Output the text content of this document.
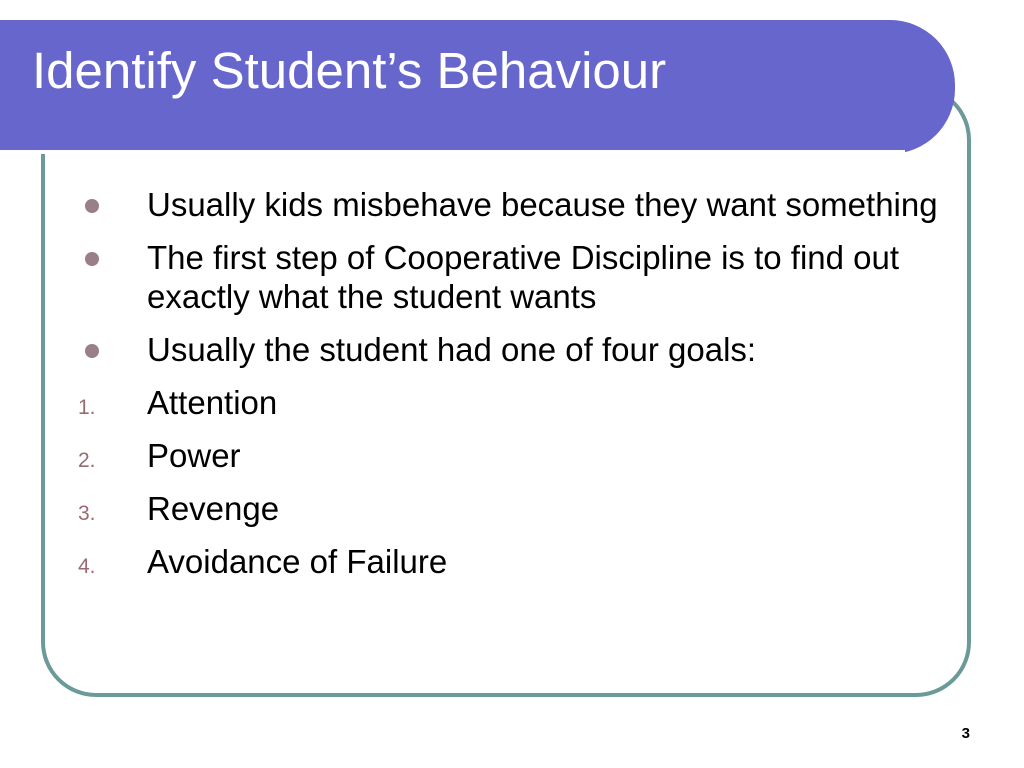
Identify Student’s Behaviour
Usually kids misbehave because they want something
The first step of Cooperative Discipline is to find out exactly what the student wants
Usually the student had one of four goals:
1. Attention
2. Power
3. Revenge
4. Avoidance of Failure
3
